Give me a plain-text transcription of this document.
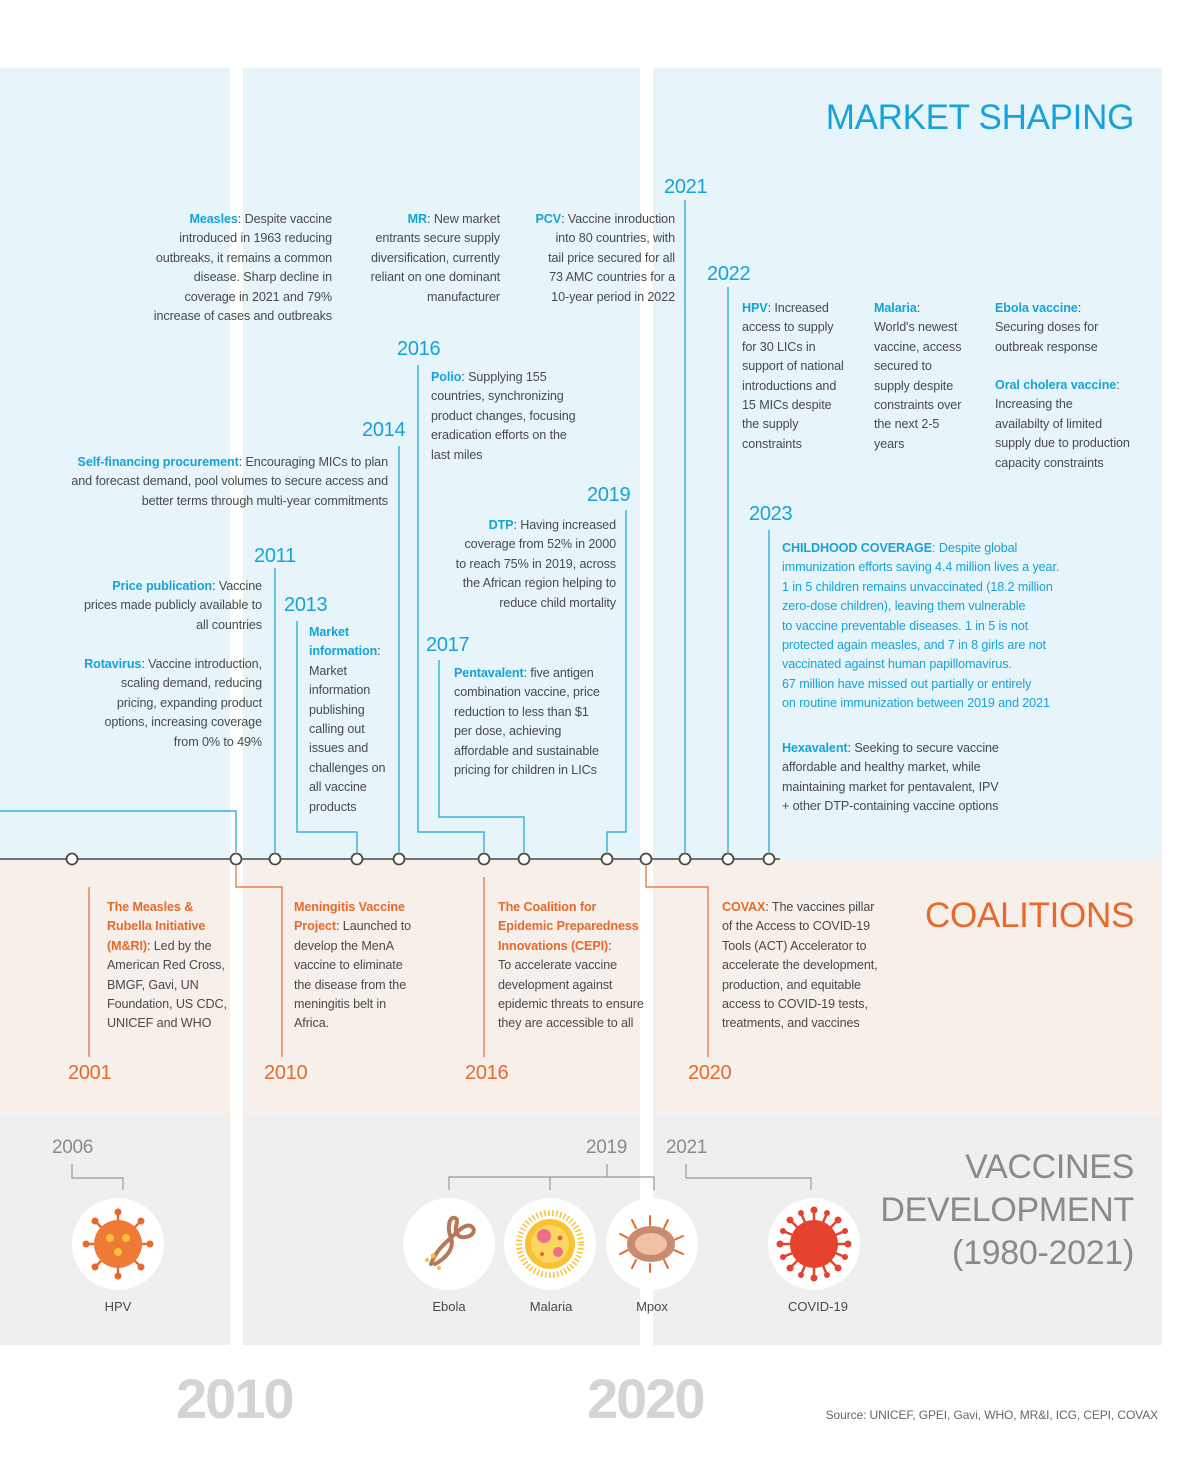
MARKET SHAPING
COALITIONS
VACCINES
DEVELOPMENT
(1980-2021)
2011
2013
2014
2016
2017
2019
2021
2022
2023
Measles: Despite vaccine
introduced in 1963 reducing
outbreaks, it remains a common
disease. Sharp decline in
coverage in 2021 and 79%
increase of cases and outbreaks
MR: New market
entrants secure supply
diversification, currently
reliant on one dominant
manufacturer
PCV: Vaccine inroduction
into 80 countries, with
tail price secured for all
73 AMC countries for a
10-year period in 2022
Polio: Supplying 155
countries, synchronizing
product changes, focusing
eradication efforts on the
last miles
Self-financing procurement: Encouraging MICs to plan
and forecast demand, pool volumes to secure access and
better terms through multi-year commitments
Price publication: Vaccine
prices made publicly available to
all countries
Rotavirus: Vaccine introduction,
scaling demand, reducing
pricing, expanding product
options, increasing coverage
from 0% to 49%
Market
information:
Market
information
publishing
calling out
issues and
challenges on
all vaccine
products
DTP: Having increased
coverage from 52% in 2000
to reach 75% in 2019, across
the African region helping to
reduce child mortality
Pentavalent: five antigen
combination vaccine, price
reduction to less than $1
per dose, achieving
affordable and sustainable
pricing for children in LICs
HPV: Increased
access to supply
for 30 LICs in
support of national
introductions and
15 MICs despite
the supply
constraints
Malaria:
World's newest
vaccine, access
secured to
supply despite
constraints over
the next 2-5
years
Ebola vaccine:
Securing doses for
outbreak response
Oral cholera vaccine:
Increasing the
availabilty of limited
supply due to production
capacity constraints
CHILDHOOD COVERAGE: Despite global
immunization efforts saving 4.4 million lives a year.
1 in 5 children remains unvaccinated (18.2 million
zero-dose children), leaving them vulnerable
to vaccine preventable diseases. 1 in 5 is not
protected again measles, and 7 in 8 girls are not
vaccinated against human papillomavirus.
67 million have missed out partially or entirely
on routine immunization between 2019 and 2021
Hexavalent: Seeking to secure vaccine
affordable and healthy market, while
maintaining market for pentavalent, IPV
+ other DTP-containing vaccine options
The Measles &
Rubella Initiative
(M&RI): Led by the
American Red Cross,
BMGF, Gavi, UN
Foundation, US CDC,
UNICEF and WHO
2001
Meningitis Vaccine
Project: Launched to
develop the MenA
vaccine to eliminate
the disease from the
meningitis belt in
Africa.
2010
The Coalition for
Epidemic Preparedness
Innovations (CEPI):
To accelerate vaccine
development against
epidemic threats to ensure
they are accessible to all
2016
COVAX: The vaccines pillar
of the Access to COVID-19
Tools (ACT) Accelerator to
accelerate the development,
production, and equitable
access to COVID-19 tests,
treatments, and vaccines
2020
2006	2019 2021
HPV	Ebola	Malaria	Mpox	COVID-19
2010	2020	Source: UNICEF, GPEI, Gavi, WHO, MR&I, ICG, CEPI, COVAX
